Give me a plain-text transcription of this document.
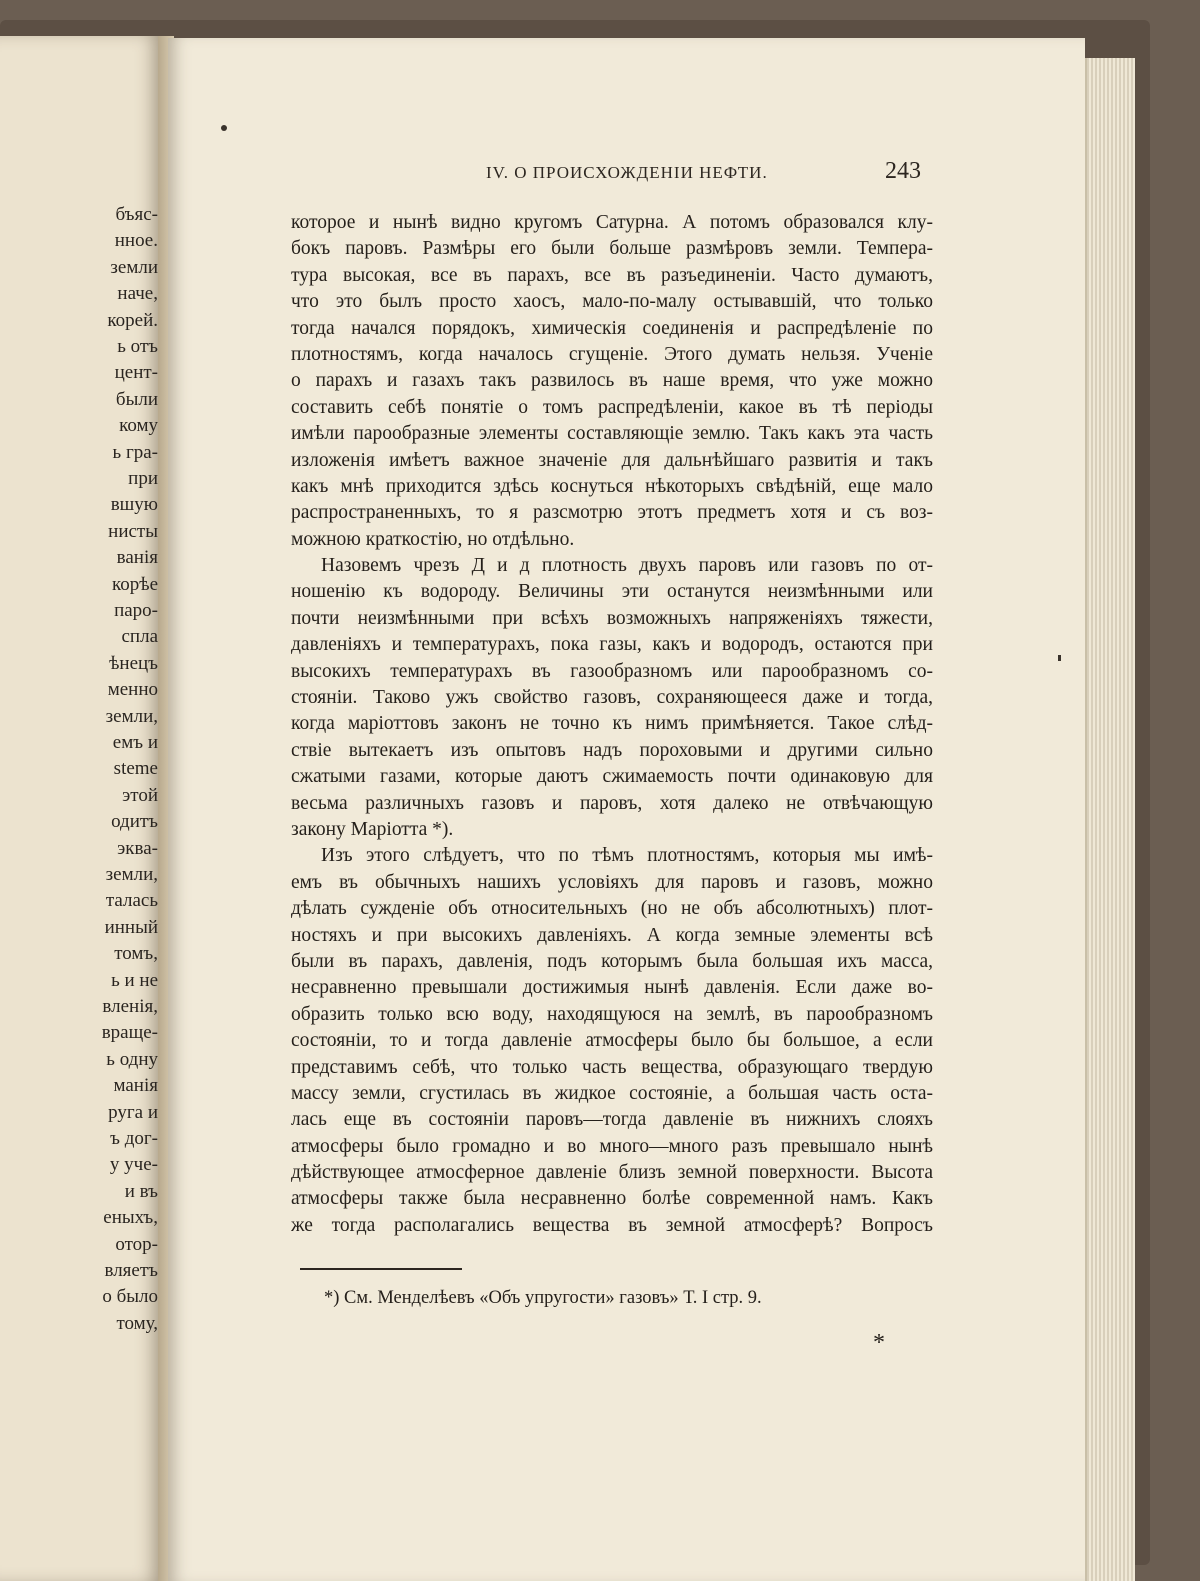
бъяс-

нное.

земли

наче,

корей.

ь отъ

цент-

были

кому

ь гра-

при

вшую

нисты

ванія

корѣе

паро-

спла

ѣнецъ

менно

земли,

емъ и

steme

этой

одитъ

эква-

земли,

талась

инный

томъ,

ь и не

вленія,

враще-

ь одну

манія

руга и

ъ дог-

у уче-

и въ

еныхъ,

отор-

вляетъ

о было

тому,

IV. О ПРОИСХОЖДЕНІИ НЕФТИ.	243

которое и нынѣ видно кругомъ Сатурна. А потомъ образовался клу-

бокъ паровъ. Размѣры его были больше размѣровъ земли. Темпера-

тура высокая, все въ парахъ, все въ разъединеніи. Часто думаютъ,

что это былъ просто хаосъ, мало-по-малу остывавшій, что только

тогда начался порядокъ, химическія соединенія и распредѣленіе по

плотностямъ, когда началось сгущеніе. Этого думать нельзя. Ученіе

о парахъ и газахъ такъ развилось въ наше время, что уже можно

составить себѣ понятіе о томъ распредѣленіи, какое въ тѣ періоды

имѣли парообразные элементы составляющіе землю. Такъ какъ эта часть

изложенія имѣетъ важное значеніе для дальнѣйшаго развитія и такъ

какъ мнѣ приходится здѣсь коснуться нѣкоторыхъ свѣдѣній, еще мало

распространенныхъ, то я разсмотрю этотъ предметъ хотя и съ воз-

можною краткостію, но отдѣльно.

Назовемъ чрезъ Д и д плотность двухъ паровъ или газовъ по от-

ношенію къ водороду. Величины эти останутся неизмѣнными или

почти неизмѣнными при всѣхъ возможныхъ напряженіяхъ тяжести,

давленіяхъ и температурахъ, пока газы, какъ и водородъ, остаются при

высокихъ температурахъ въ газообразномъ или парообразномъ со-

стояніи. Таково ужъ свойство газовъ, сохраняющееся даже и тогда,

когда маріоттовъ законъ не точно къ нимъ примѣняется. Такое слѣд-

ствіе вытекаетъ изъ опытовъ надъ пороховыми и другими сильно

сжатыми газами, которые даютъ сжимаемость почти одинаковую для

весьма различныхъ газовъ и паровъ, хотя далеко не отвѣчающую

закону Маріотта *).

Изъ этого слѣдуетъ, что по тѣмъ плотностямъ, которыя мы имѣ-

емъ въ обычныхъ нашихъ условіяхъ для паровъ и газовъ, можно

дѣлать сужденіе объ относительныхъ (но не объ абсолютныхъ) плот-

ностяхъ и при высокихъ давленіяхъ. А когда земные элементы всѣ

были въ парахъ, давленія, подъ которымъ была большая ихъ масса,

несравненно превышали достижимыя нынѣ давленія. Если даже во-

образить только всю воду, находящуюся на землѣ, въ парообразномъ

состояніи, то и тогда давленіе атмосферы было бы большое, а если

представимъ себѣ, что только часть вещества, образующаго твердую

массу земли, сгустилась въ жидкое состояніе, а большая часть оста-

лась еще въ состояніи паровъ—тогда давленіе въ нижнихъ слояхъ

атмосферы было громадно и во много—много разъ превышало нынѣ

дѣйствующее атмосферное давленіе близъ земной поверхности. Высота

атмосферы также была несравненно болѣе современной намъ. Какъ

же тогда располагались вещества въ земной атмосферѣ? Вопросъ

*) См. Менделѣевъ «Объ упругости» газовъ» Т. I стр. 9.

*
